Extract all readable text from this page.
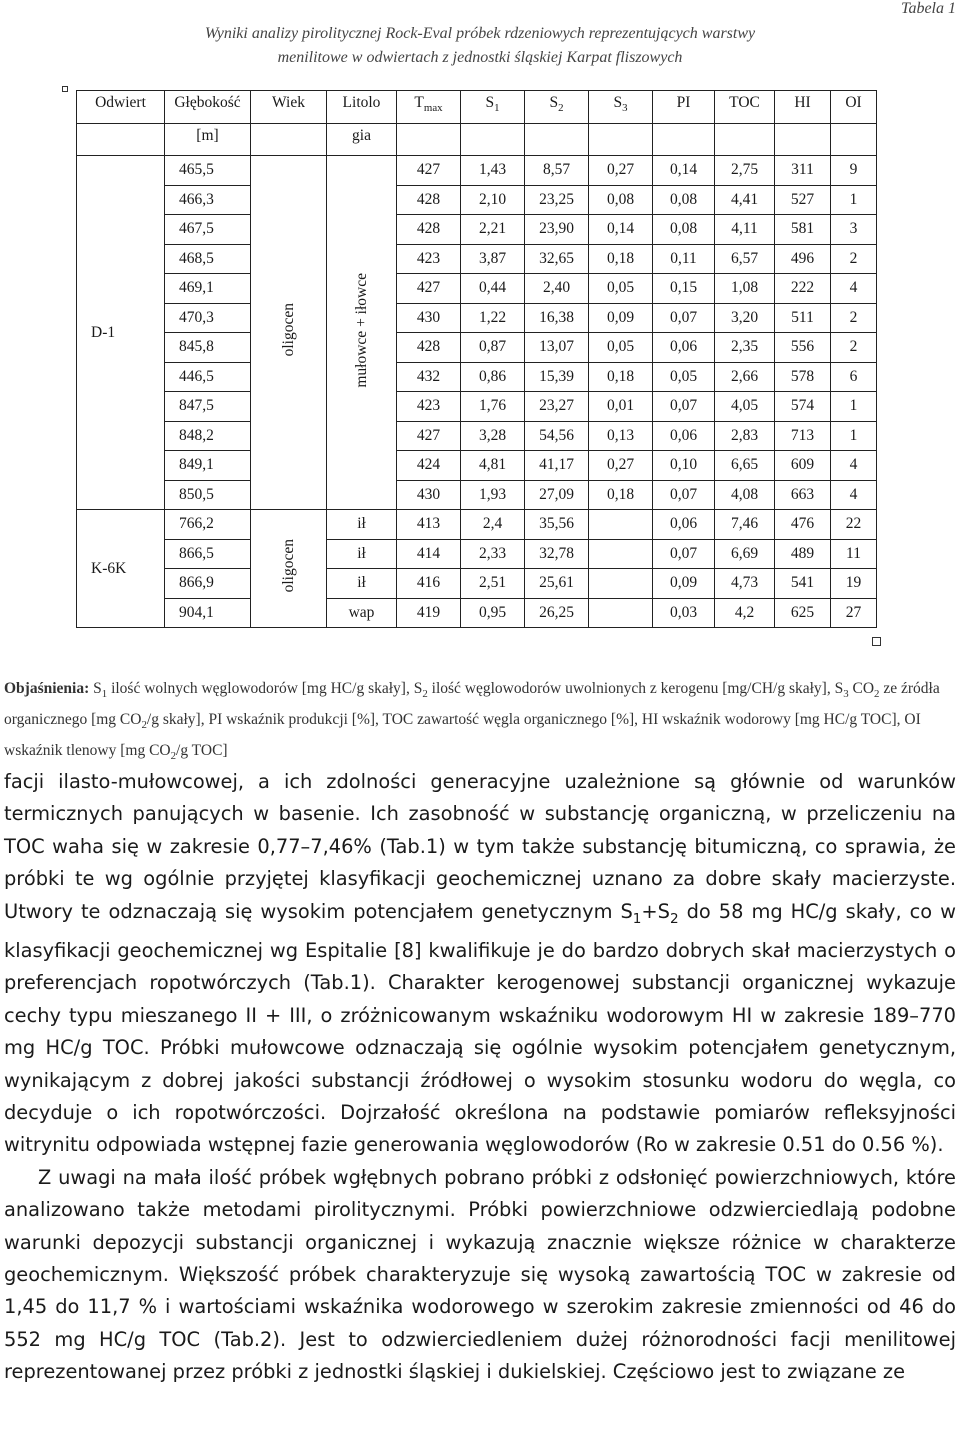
Tabela 1
Wyniki analizy pirolitycznej Rock-Eval próbek rdzeniowych reprezentujących warstwy
menilitowe w odwiertach z jednostki śląskiej Karpat fliszowych
Odwiert	Głębokość	Wiek	Litolo	$T_{max}$	$S_1$	$S_2$	$S_3$	PI	TOC	HI	OI
	[m]		gia								
D-1	465,5	oligocen	mułowce + iłowce	427	1,43	8,57	0,27	0,14	2,75	311	9
	466,3			428	2,10	23,25	0,08	0,08	4,41	527	1
	467,5			428	2,21	23,90	0,14	0,08	4,11	581	3
	468,5			423	3,87	32,65	0,18	0,11	6,57	496	2
	469,1			427	0,44	2,40	0,05	0,15	1,08	222	4
	470,3			430	1,22	16,38	0,09	0,07	3,20	511	2
	845,8			428	0,87	13,07	0,05	0,06	2,35	556	2
	446,5			432	0,86	15,39	0,18	0,05	2,66	578	6
	847,5			423	1,76	23,27	0,01	0,07	4,05	574	1
	848,2			427	3,28	54,56	0,13	0,06	2,83	713	1
	849,1			424	4,81	41,17	0,27	0,10	6,65	609	4
	850,5			430	1,93	27,09	0,18	0,07	4,08	663	4
K-6K	766,2	oligocen	ił	413	2,4	35,56		0,06	7,46	476	22
	866,5		ił	414	2,33	32,78		0,07	6,69	489	11
	866,9		ił	416	2,51	25,61		0,09	4,73	541	19
	904,1		wap	419	0,95	26,25		0,03	4,2	625	27
Objaśnienia: $S_1$ ilość wolnych węglowodorów [mg HC/g skały], $S_2$ ilość węglowodorów uwolnionych z kerogenu [mg/CH/g skały], $S_3$ $CO_2$ ze źródła organicznego [mg $CO_2/g$ skały], PI wskaźnik produkcji [%], TOC zawartość węgla organicznego [%], HI wskaźnik wodorowy [mg HC/g TOC], OI wskaźnik tlenowy [mg $CO_2/g$ TOC]

facji ilasto-mułowcowej, a ich zdolności generacyjne uzależnione są głównie od warunków termicznych panujących w basenie. Ich zasobność w substancję organiczną, w przeliczeniu na TOC waha się w zakresie 0,77–7,46% (Tab.1) w tym także substancję bitumiczną, co sprawia, że próbki te wg ogólnie przyjętej klasyfikacji geochemicznej uznano za dobre skały macierzyste. Utwory te odznaczają się wysokim potencjałem genetycznym $S_1+S_2$ do 58 mg HC/g skały, co w klasyfikacji geochemicznej wg Espitalie [8] kwalifikuje je do bardzo dobrych skał macierzystych o preferencjach ropotwórczych (Tab.1). Charakter kerogenowej substancji organicznej wykazuje cechy typu mieszanego II + III, o zróżnicowanym wskaźniku wodorowym HI w zakresie 189–770 mg HC/g TOC. Próbki mułowcowe odznaczają się ogólnie wysokim potencjałem genetycznym, wynikającym z dobrej jakości substancji źródłowej o wysokim stosunku wodoru do węgla, co decyduje o ich ropotwórczości. Dojrzałość określona na podstawie pomiarów refleksyjności witrynitu odpowiada wstępnej fazie generowania węglowodorów (Ro w zakresie 0.51 do 0.56 %).

Z uwagi na mała ilość próbek wgłębnych pobrano próbki z odsłonięć powierzchniowych, które analizowano także metodami pirolitycznymi. Próbki powierzchniowe odzwierciedlają podobne warunki depozycji substancji organicznej i wykazują znacznie większe różnice w charakterze geochemicznym. Większość próbek charakteryzuje się wysoką zawartością TOC w zakresie od 1,45 do 11,7 % i wartościami wskaźnika wodorowego w szerokim zakresie zmienności od 46 do 552 mg HC/g TOC (Tab.2). Jest to odzwierciedleniem dużej różnorodności facji menilitowej reprezentowanej przez próbki z jednostki śląskiej i dukielskiej. Częściowo jest to związane ze
